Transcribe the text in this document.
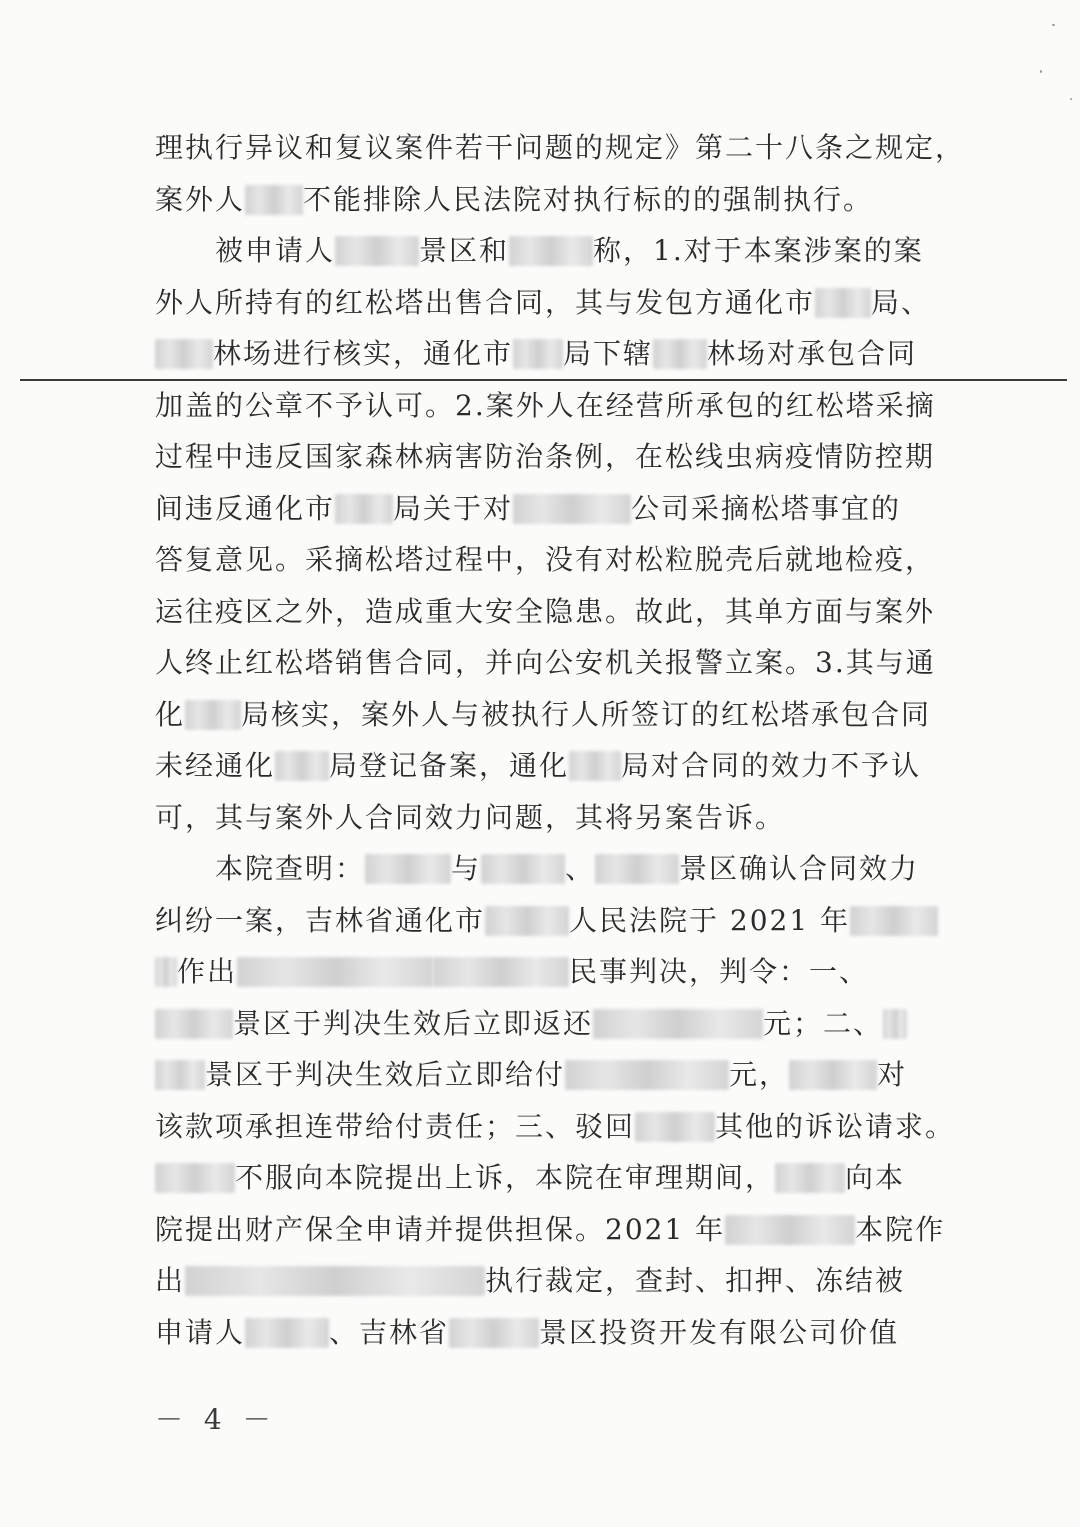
理执行异议和复议案件若干问题的规定》第二十八条之规定，
案外人 不能排除人民法院对执行标的的强制执行。
　　被申请人	景区和	称，1.对于本案涉案的案
外人所持有的红松塔出售合同，其与发包方通化市 局、
林场进行核实，通化市 局下辖 林场对承包合同
加盖的公章不予认可。2.案外人在经营所承包的红松塔采摘
过程中违反国家森林病害防治条例，在松线虫病疫情防控期
间违反通化市 局关于对	公司采摘松塔事宜的
答复意见。采摘松塔过程中，没有对松粒脱壳后就地检疫，
运往疫区之外，造成重大安全隐患。故此，其单方面与案外
人终止红松塔销售合同，并向公安机关报警立案。3.其与通
化 局核实，案外人与被执行人所签订的红松塔承包合同
未经通化 局登记备案，通化 局对合同的效力不予认
可，其与案外人合同效力问题，其将另案告诉。
　　本院查明：	与	、	景区确认合同效力
纠纷一案，吉林省通化市	人民法院于 2021 年
作出	民事判决，判令：一、
景区于判决生效后立即返还	元；二、
景区于判决生效后立即给付	元，	对
该款项承担连带给付责任；三、驳回	其他的诉讼请求。
不服向本院提出上诉，本院在审理期间，	向本
院提出财产保全申请并提供担保。2021 年	本院作
出	执行裁定，查封、扣押、冻结被
申请人	、吉林省	景区投资开发有限公司价值
－ 4 －
